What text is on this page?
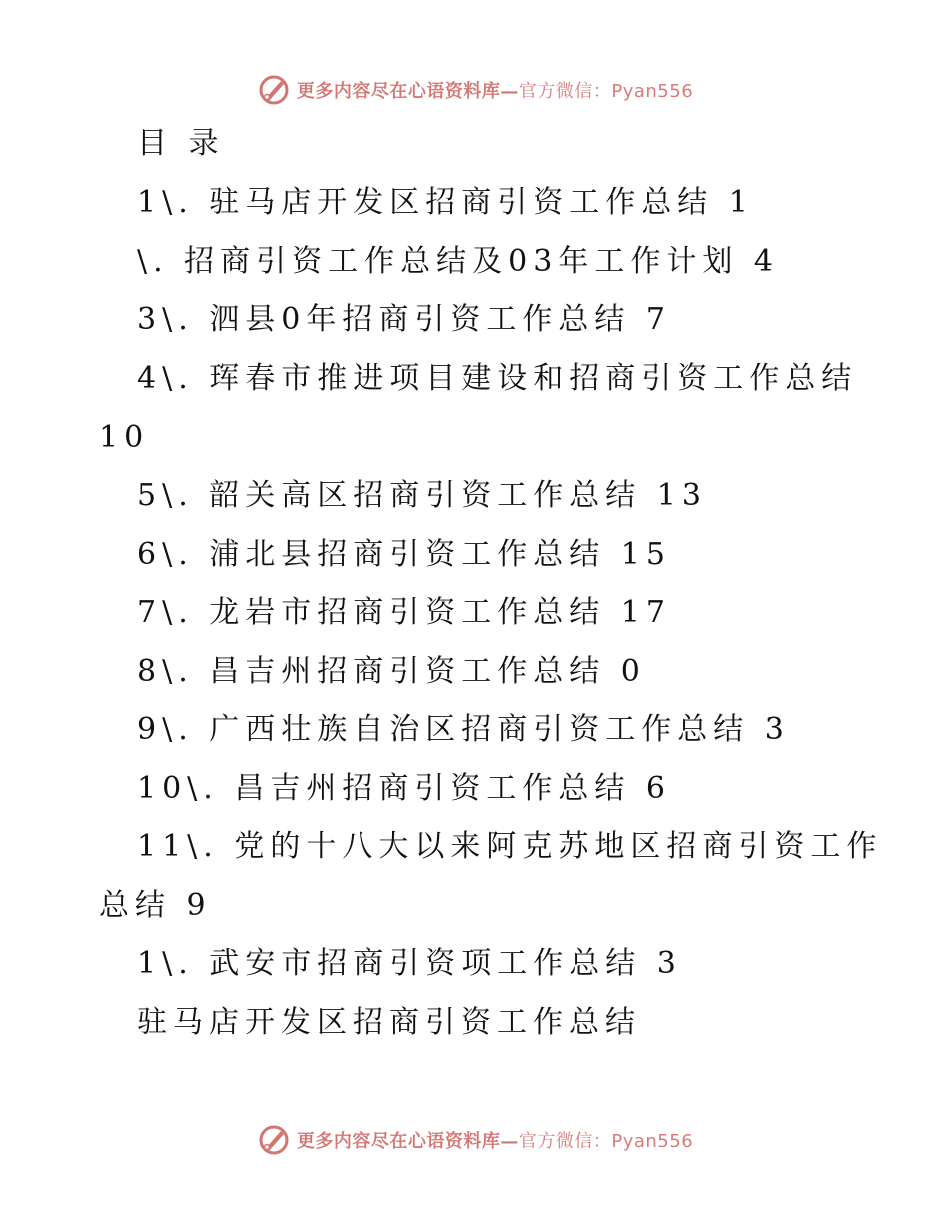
更多内容尽在心语资料库—官方微信：Pyan556
目 录
1\. 驻马店开发区招商引资工作总结 1
\. 招商引资工作总结及03年工作计划 4
3\. 泗县0年招商引资工作总结 7
4\. 珲春市推进项目建设和招商引资工作总结
10
5\. 韶关高区招商引资工作总结 13
6\. 浦北县招商引资工作总结 15
7\. 龙岩市招商引资工作总结 17
8\. 昌吉州招商引资工作总结 0
9\. 广西壮族自治区招商引资工作总结 3
10\. 昌吉州招商引资工作总结 6
11\. 党的十八大以来阿克苏地区招商引资工作
总结 9
1\. 武安市招商引资项工作总结 3
驻马店开发区招商引资工作总结
更多内容尽在心语资料库—官方微信：Pyan556
